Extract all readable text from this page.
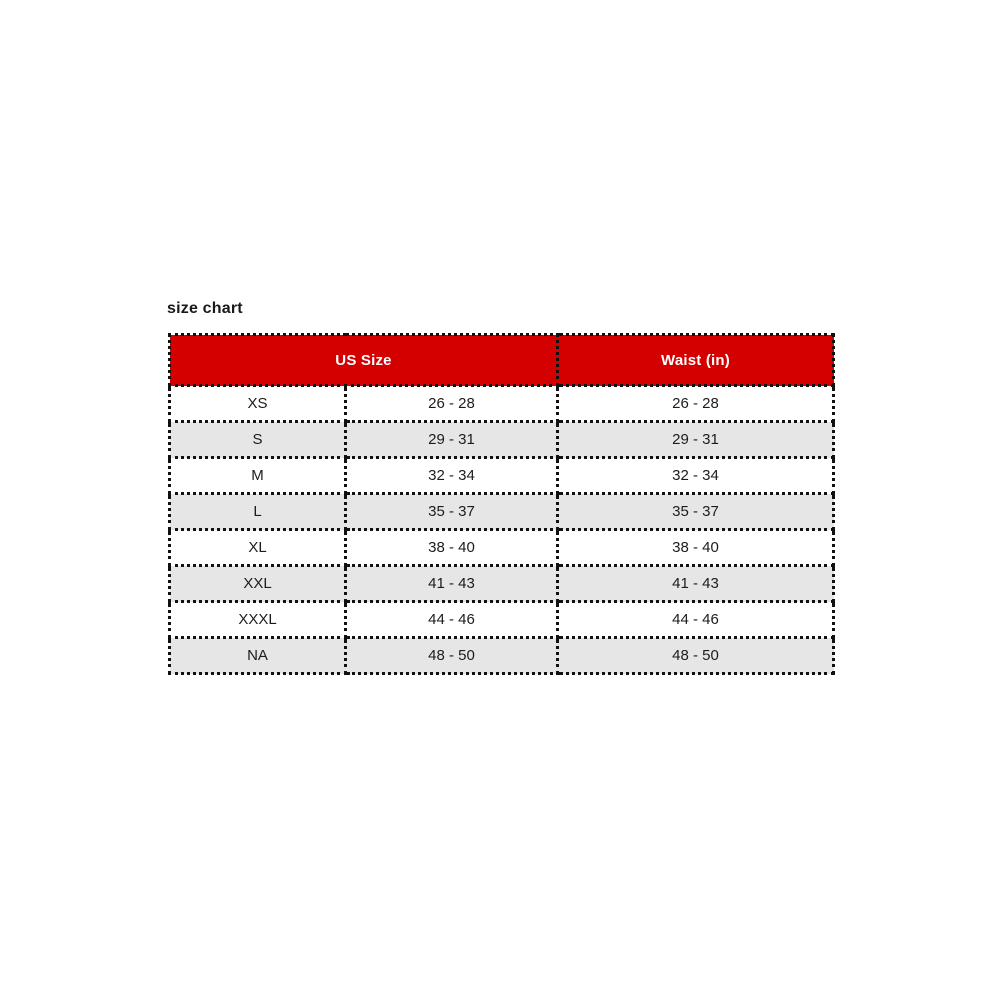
size chart
US Size		Waist (in)
XS	26 - 28	26 - 28
S	29 - 31	29 - 31
M	32 - 34	32 - 34
L	35 - 37	35 - 37
XL	38 - 40	38 - 40
XXL	41 - 43	41 - 43
XXXL	44 - 46	44 - 46
NA	48 - 50	48 - 50
